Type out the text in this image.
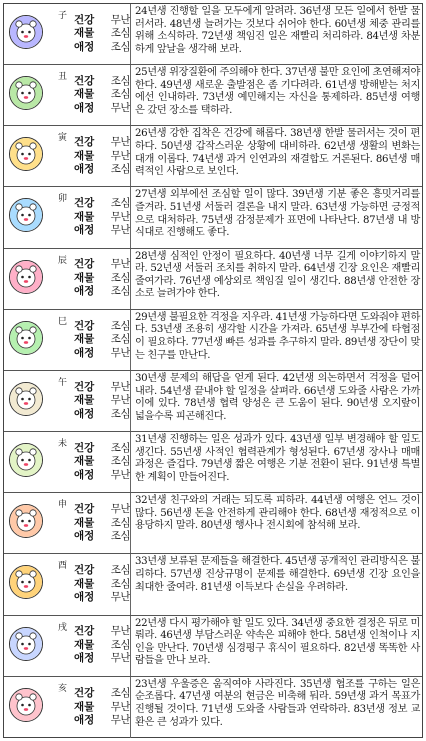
子 건강 무난
재물 조심
애정 조심
24년생 진행할 일을 모두에게 알려라. 36년생 모든 일에서 한발 물러서라. 48년생 늘려가는 것보다 쉬어야 한다. 60년생 체중 관리를 위해 소식하라. 72년생 책임진 일은 재빨리 처리하라. 84년생 차분하게 앞날을 생각해 보라.
丑 건강 조심
재물 조심
애정 무난
25년생 위장질환에 주의해야 한다. 37년생 불만 요인에 초연해져야 한다. 49년생 새로운 출발점은 좀 기다려라. 61년생 방해받는 처지에선 인내하라. 73년생 예민해지는 자신을 통제하라. 85년생 여행은 갔던 장소를 택하라.
寅 건강 무난
재물 무난
애정 조심
26년생 강한 집착은 건강에 해롭다. 38년생 한발 물러서는 것이 편하다. 50년생 갑작스러운 상황에 대비하라. 62년생 생활의 변화는 대개 이롭다. 74년생 과거 인연과의 재결합도 거론된다. 86년생 매력적인 사람으로 보인다.
卯 건강 조심
재물 무난
애정 무난
27년생 외부에선 조심할 일이 많다. 39년생 기분 좋은 흥밋거리를 즐겨라. 51년생 서둘러 결론을 내지 말라. 63년생 가능하면 긍정적으로 대처하라. 75년생 감정문제가 표면에 나타난다. 87년생 내 방식대로 진행해도 좋다.
辰 건강 무난
재물 조심
애정 조심
28년생 심적인 안정이 필요하다. 40년생 너무 길게 이야기하지 말라. 52년생 서둘러 조치를 취하지 말라. 64년생 긴장 요인은 재빨리 줄여가라. 76년생 예상외로 책임질 일이 생긴다. 88년생 안전한 장소로 늘려가야 한다.
巳 건강 조심
재물 조심
애정 무난
29년생 불필요한 걱정을 지우라. 41년생 가능하다면 도와줘야 편하다. 53년생 조용히 생각할 시간을 가져라. 65년생 부부간에 타협점이 필요하다. 77년생 빠른 성과를 추구하지 말라. 89년생 장단이 맞는 친구를 만난다.
午 건강 무난
재물 무난
애정 조심
30년생 문제의 해답을 얻게 된다. 42년생 의논하면서 걱정을 덜어내라. 54년생 끝내야 할 일정을 살펴라. 66년생 도와줄 사람은 가까이에 있다. 78년생 협력 양성은 큰 도움이 된다. 90년생 오지랖이 넓을수록 피곤해진다.
未 건강 조심
재물 조심
애정 무난
31년생 진행하는 일은 성과가 있다. 43년생 일부 변경해야 할 일도 생긴다. 55년생 사적인 협력관계가 형성된다. 67년생 장사나 매매 과정은 즐겁다. 79년생 짧은 여행은 기분 전환이 된다. 91년생 특별한 계획이 만들어진다.
申 건강 무난
재물 조심
애정 조심
32년생 친구와의 거래는 되도록 피하라. 44년생 여행은 언느 것이 많다. 56년생 돈을 안전하게 관리해야 한다. 68년생 재정적으로 이용당하지 말라. 80년생 행사나 전시회에 참석해 보라.
酉 건강 조심
재물 조심
애정 무난
33년생 보류된 문제들을 해결한다. 45년생 공개적인 관리방식은 불리하다. 57년생 진상규명이 문제를 해결한다. 69년생 긴장 요인을 최대한 줄여라. 81년생 이득보다 손실을 우려하라.
戌 건강 무난
재물 조심
애정 무난
22년생 다시 평가해야 할 일도 있다. 34년생 중요한 결정은 뒤로 미뤄라. 46년생 부담스러운 약속은 피해야 한다. 58년생 인척이나 지인을 만난다. 70년생 심경평구 휴식이 필요하다. 82년생 똑똑한 사람들을 만나 보라.
亥 건강 조심
재물 무난
애정 무난
23년생 우울증은 움직여야 사라진다. 35년생 협조를 구하는 일은 순조롭다. 47년생 여분의 현금은 비축해 둬라. 59년생 과거 목표가 진행될 것이다. 71년생 도와줄 사람들과 연락하라. 83년생 정보 교환은 큰 성과가 있다.
